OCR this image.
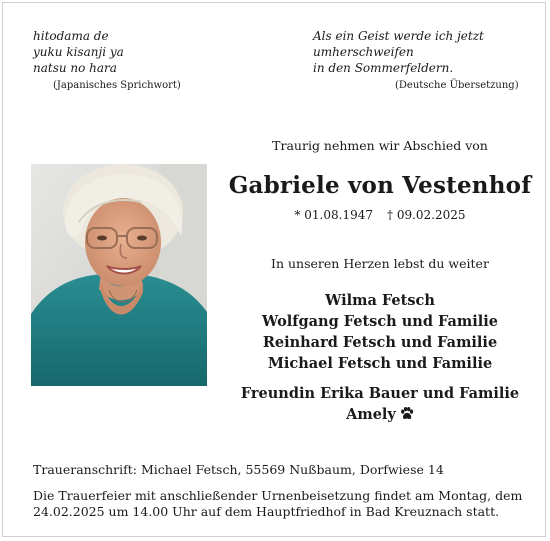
hitodama de
yuku kisanji ya
natsu no hara
(Japanisches Sprichwort)
Als ein Geist werde ich jetzt
umherschweifen
in den Sommerfeldern.
(Deutsche Übersetzung)
Traurig nehmen wir Abschied von
Gabriele von Vestenhof
* 01.08.1947 † 09.02.2025
In unseren Herzen lebst du weiter
Wilma Fetsch
Wolfgang Fetsch und Familie
Reinhard Fetsch und Familie
Michael Fetsch und Familie
Freundin Erika Bauer und Familie
Amely
Traueranschrift: Michael Fetsch, 55569 Nußbaum, Dorfwiese 14
Die Trauerfeier mit anschließender Urnenbeisetzung findet am Montag, dem 24.02.2025 um 14.00 Uhr auf dem Hauptfriedhof in Bad Kreuznach statt.
